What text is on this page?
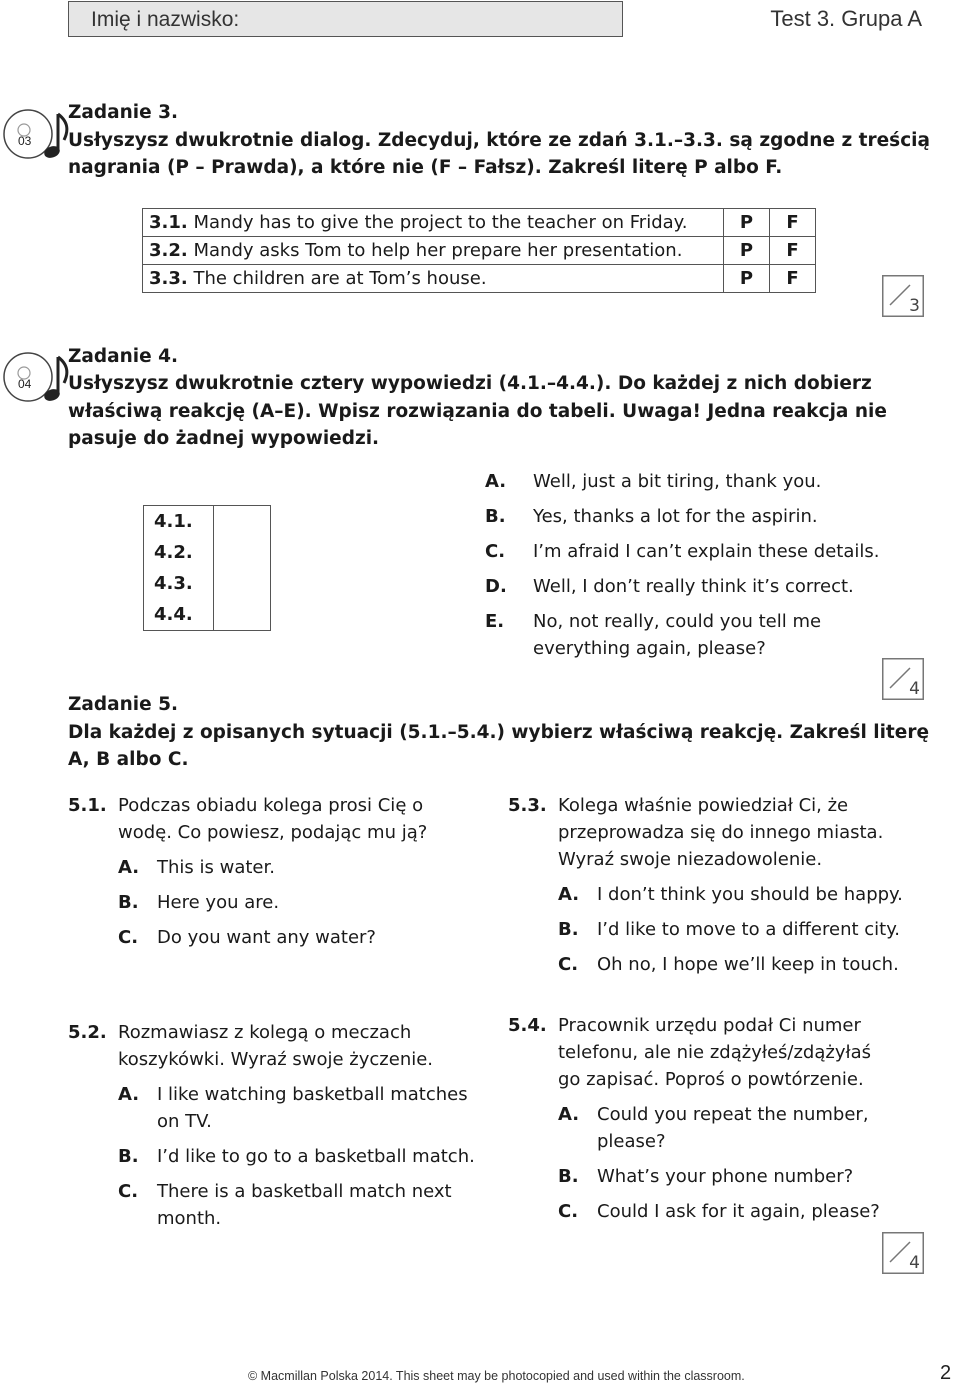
Imię i nazwisko:	Test 3. Grupa A
03
Zadanie 3.
Usłyszysz dwukrotnie dialog. Zdecyduj, które ze zdań 3.1.–3.3. są zgodne z treścią
nagrania (P – Prawda), a które nie (F – Fałsz). Zakreśl literę P albo F.
3.1. Mandy has to give the project to the teacher on Friday.	P	F
3.2. Mandy asks Tom to help her prepare her presentation.	P	F
3.3. The children are at Tom’s house.	P	F
3
04
Zadanie 4.
Usłyszysz dwukrotnie cztery wypowiedzi (4.1.–4.4.). Do każdej z nich dobierz
właściwą reakcję (A–E). Wpisz rozwiązania do tabeli. Uwaga! Jedna reakcja nie
pasuje do żadnej wypowiedzi.
4.1.	
4.2.	
4.3.	
4.4.	
A.	Well, just a bit tiring, thank you.
B.	Yes, thanks a lot for the aspirin.
C.	I’m afraid I can’t explain these details.
D.	Well, I don’t really think it’s correct.
E.	No, not really, could you tell me everything again, please?
4
Zadanie 5.
Dla każdej z opisanych sytuacji (5.1.–5.4.) wybierz właściwą reakcję. Zakreśl literę
A, B albo C.
5.1. Podczas obiadu kolega prosi Cię o wodę. Co powiesz, podając mu ją?
A. This is water.
B.	Here you are.
C.	Do you want any water?
5.2. Rozmawiasz z kolegą o meczach koszykówki. Wyraź swoje życzenie.
A. I like watching basketball matches on TV.
B.	I’d like to go to a basketball match.
C.	There is a basketball match next month.
5.3. Kolega właśnie powiedział Ci, że przeprowadza się do innego miasta. Wyraź swoje niezadowolenie.
A. I don’t think you should be happy.
B.	I’d like to move to a different city.
C.	Oh no, I hope we’ll keep in touch.
5.4. Pracownik urzędu podał Ci numer telefonu, ale nie zdążyłeś/zdążyłaś go zapisać. Poproś o powtórzenie.
A. Could you repeat the number, please?
B.	What’s your phone number?
C.	Could I ask for it again, please?
4
© Macmillan Polska 2014. This sheet may be photocopied and used within the classroom.	2
